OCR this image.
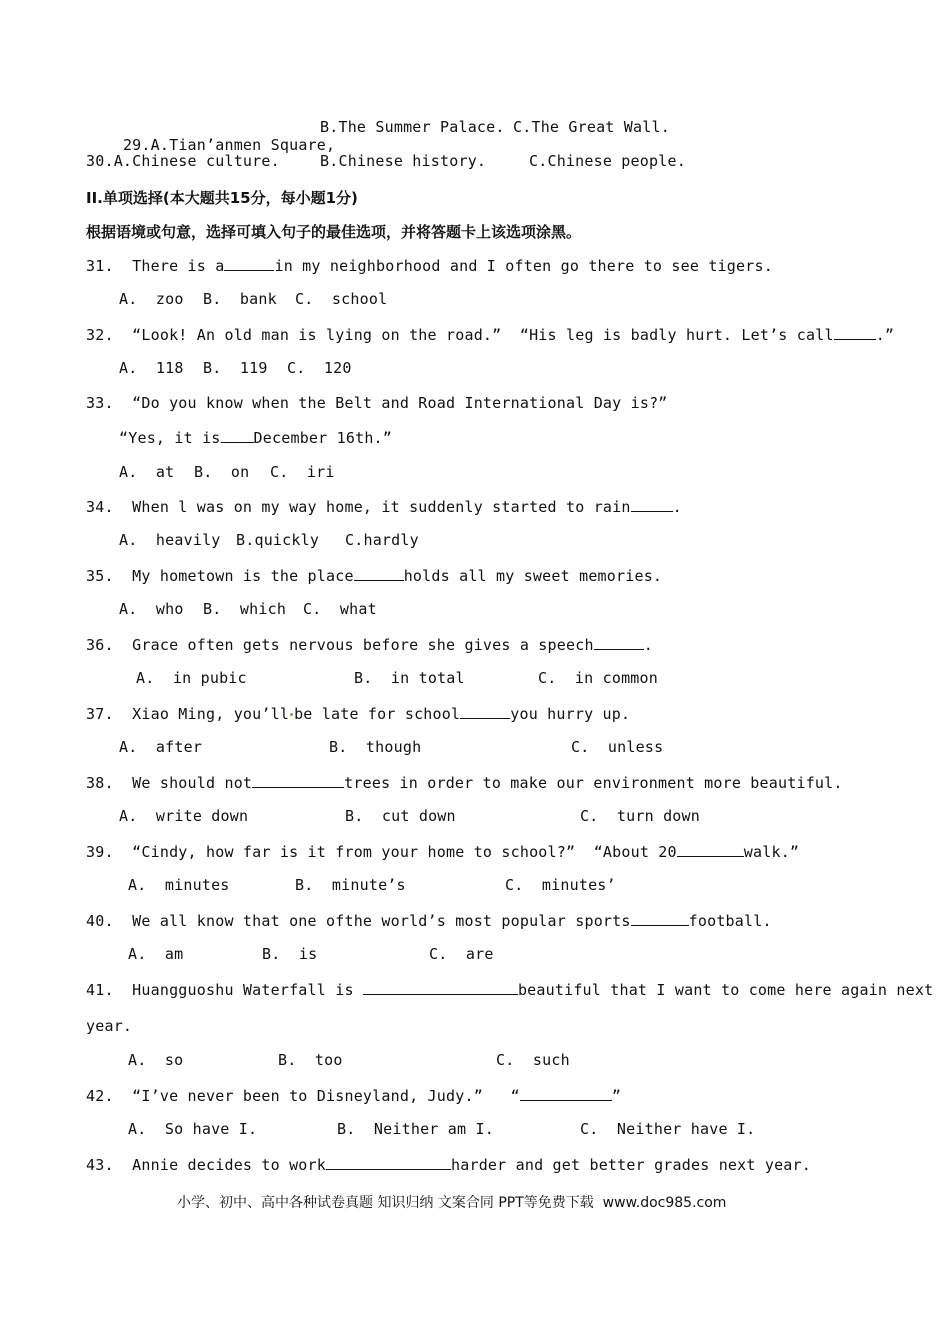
29.A.Tian’anmen Square,

B.The Summer Palace. C.The Great Wall.
30.A.Chinese culture.	B.Chinese history.	C.Chinese people.
II.单项选择(本大题共15分，每小题1分)
根据语境或句意，选择可填入句子的最佳选项，并将答题卡上该选项涂黑。
31.  There is a	in my neighborhood and I often go there to see tigers.
A.  zoo B.  bank C.  school
32.  “Look! An old man is lying on the road.”  “His leg is badly hurt. Let’s call	.”
A.  118 B.  119 C.  120
33.  “Do you know when the Belt and Road International Day is?”
“Yes, it is December 16th.”
A.  at B.  on C.  iri
34.  When l was on my way home, it suddenly started to rain	.
A.  heavily B.quickly C.hardly
35.  My hometown is the place	holds all my sweet memories.
A.  who B.  which C.  what
36.  Grace often gets nervous before she gives a speech	.
A.  in pubic	B.  in total	C.  in common
37.  Xiao Ming, you’ll be late for school	you hurry up.
A.  after	B.  though	C.  unless
38.  We should not	trees in order to make our environment more beautiful.
A.  write down	B.  cut down	C.  turn down
39.  “Cindy, how far is it from your home to school?”  “About 20	walk.”
A.  minutes	B.  minute’s	C.  minutes’
40.  We all know that one ofthe world’s most popular sports	football.
A.  am	B.  is	C.  are
41.  Huangguoshu Waterfall is	beautiful that I want to come here again next
year.
A.  so	B.  too	C.  such
42.  “I’ve never been to Disneyland, Judy.”   “	”
A.  So have I.	B.  Neither am I.	C.  Neither have I.
43.  Annie decides to work	harder and get better grades next year.
小学、初中、高中各种试卷真题 知识归纳 文案合同 PPT等免费下载  www.doc985.com
